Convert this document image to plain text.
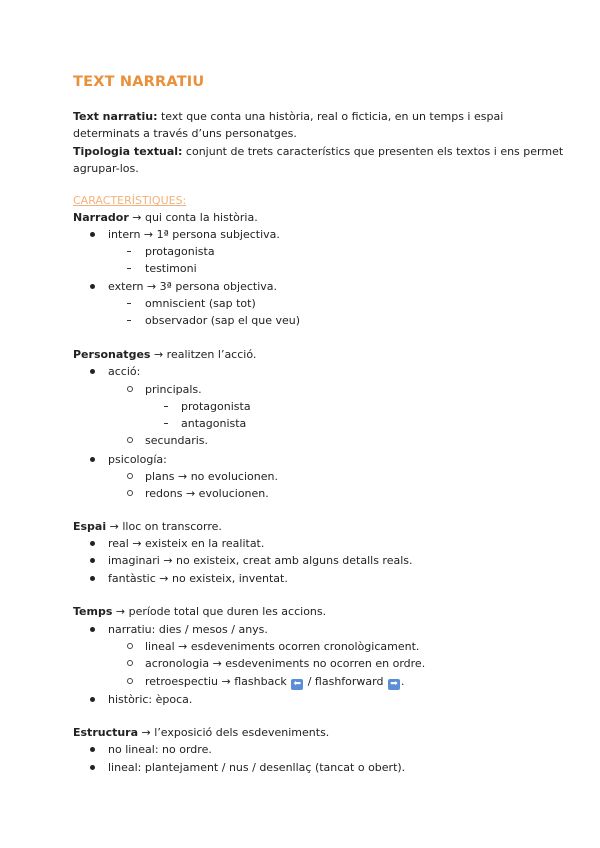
TEXT NARRATIU
Text narratiu: text que conta una història, real o ficticia, en un temps i espai
determinats a través d’uns personatges.
Tipologia textual: conjunt de trets característics que presenten els textos i ens permet
agrupar-los.
CARACTERÍSTIQUES:
Narrador → qui conta la història.
intern → 1ª persona subjectiva.
protagonista
testimoni
extern → 3ª persona objectiva.
omniscient (sap tot)
observador (sap el que veu)
Personatges → realitzen l’acció.
acció:
principals.
protagonista
antagonista
secundaris.
psicología:
plans → no evolucionen.
redons → evolucionen.
Espai → lloc on transcorre.
real → existeix en la realitat.
imaginari → no existeix, creat amb alguns detalls reals.
fantàstic → no existeix, inventat.
Temps → període total que duren les accions.
narratiu: dies / mesos / anys.
lineal → esdeveniments ocorren cronològicament.
acronologia → esdeveniments no ocorren en ordre.
retroespectiu → flashback ⬅ / flashforward ➡ .
històric: època.
Estructura → l’exposició dels esdeveniments.
no lineal: no ordre.
lineal: plantejament / nus / desenllaç (tancat o obert).
